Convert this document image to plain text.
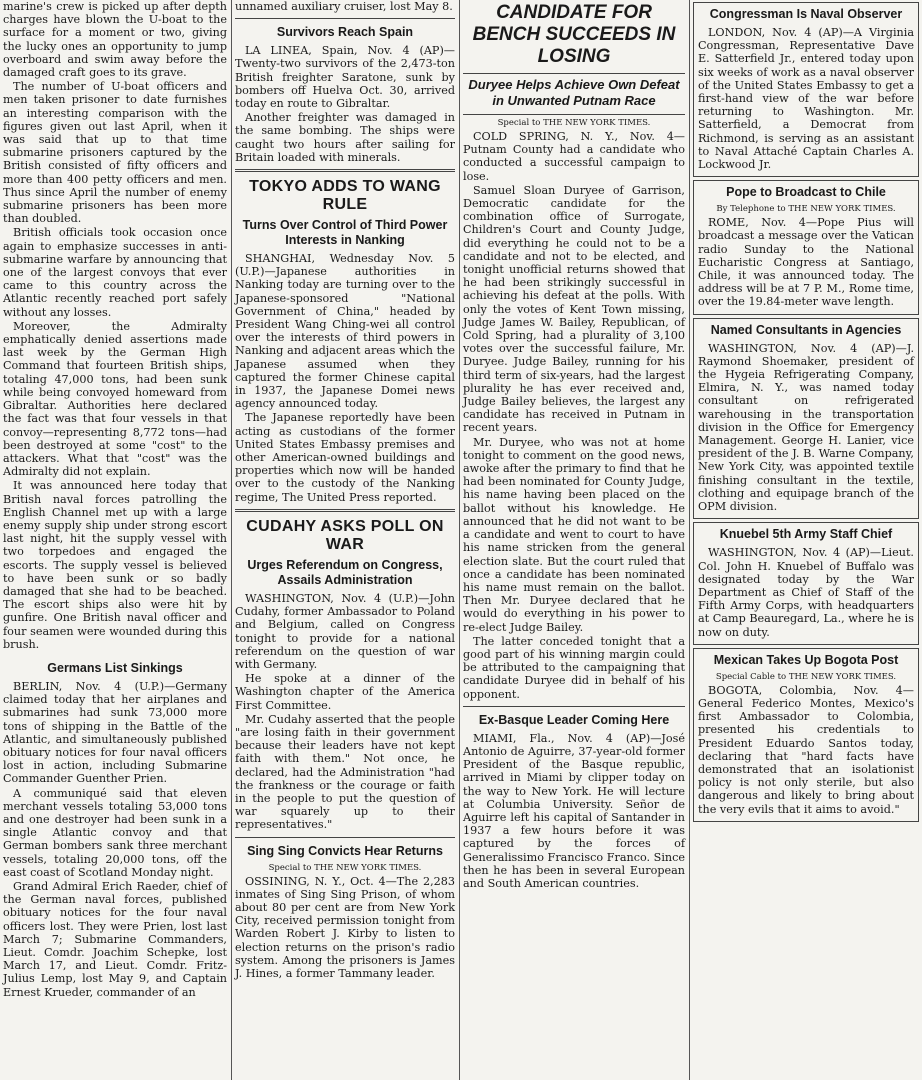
marine's crew is picked up after depth charges have blown the U-boat to the surface for a moment or two, giving the lucky ones an opportunity to jump overboard and swim away before the damaged craft goes to its grave.

The number of U-boat officers and men taken prisoner to date furnishes an interesting comparison with the figures given out last April, when it was said that up to that time submarine prisoners captured by the British consisted of fifty officers and more than 400 petty officers and men. Thus since April the number of enemy submarine prisoners has been more than doubled.

British officials took occasion once again to emphasize successes in anti-submarine warfare by announcing that one of the largest convoys that ever came to this country across the Atlantic recently reached port safely without any losses.

Moreover, the Admiralty emphatically denied assertions made last week by the German High Command that fourteen British ships, totaling 47,000 tons, had been sunk while being convoyed homeward from Gibraltar. Authorities here declared the fact was that four vessels in that convoy—representing 8,772 tons—had been destroyed at some "cost" to the attackers. What that "cost" was the Admiralty did not explain.

It was announced here today that British naval forces patrolling the English Channel met up with a large enemy supply ship under strong escort last night, hit the supply vessel with two torpedoes and engaged the escorts. The supply vessel is believed to have been sunk or so badly damaged that she had to be beached. The escort ships also were hit by gunfire. One British naval officer and four seamen were wounded during this brush.

Germans List Sinkings

BERLIN, Nov. 4 (U.P.)—Germany claimed today that her airplanes and submarines had sunk 73,000 more tons of shipping in the Battle of the Atlantic, and simultaneously published obituary notices for four naval officers lost in action, including Submarine Commander Guenther Prien.

A communiqué said that eleven merchant vessels totaling 53,000 tons and one destroyer had been sunk in a single Atlantic convoy and that German bombers sank three merchant vessels, totaling 20,000 tons, off the east coast of Scotland Monday night.

Grand Admiral Erich Raeder, chief of the German naval forces, published obituary notices for the four naval officers lost. They were Prien, lost last March 7; Submarine Commanders, Lieut. Comdr. Joachim Schepke, lost March 17, and Lieut. Comdr. Fritz-Julius Lemp, lost May 9, and Captain Ernest Krueder, commander of an

unnamed auxiliary cruiser, lost May 8.

Survivors Reach Spain

LA LINEA, Spain, Nov. 4 (AP)—Twenty-two survivors of the 2,473-ton British freighter Saratone, sunk by bombers off Huelva Oct. 30, arrived today en route to Gibraltar.

Another freighter was damaged in the same bombing. The ships were caught two hours after sailing for Britain loaded with minerals.

TOKYO ADDS TO WANG RULE
Turns Over Control of Third Power Interests in Nanking

SHANGHAI, Wednesday Nov. 5 (U.P.)—Japanese authorities in Nanking today are turning over to the Japanese-sponsored "National Government of China," headed by President Wang Ching-wei all control over the interests of third powers in Nanking and adjacent areas which the Japanese assumed when they captured the former Chinese capital in 1937, the Japanese Domei news agency announced today.

The Japanese reportedly have been acting as custodians of the former United States Embassy premises and other American-owned buildings and properties which now will be handed over to the custody of the Nanking regime, The United Press reported.

CUDAHY ASKS POLL ON WAR
Urges Referendum on Congress, Assails Administration

WASHINGTON, Nov. 4 (U.P.)—John Cudahy, former Ambassador to Poland and Belgium, called on Congress tonight to provide for a national referendum on the question of war with Germany.

He spoke at a dinner of the Washington chapter of the America First Committee.

Mr. Cudahy asserted that the people "are losing faith in their government because their leaders have not kept faith with them." Not once, he declared, had the Administration "had the frankness or the courage or faith in the people to put the question of war squarely up to their representatives."

Sing Sing Convicts Hear Returns
Special to THE NEW YORK TIMES.

OSSINING, N. Y., Oct. 4—The 2,283 inmates of Sing Sing Prison, of whom about 80 per cent are from New York City, received permission tonight from Warden Robert J. Kirby to listen to election returns on the prison's radio system. Among the prisoners is James J. Hines, a former Tammany leader.

CANDIDATE FOR BENCH SUCCEEDS IN LOSING
Duryee Helps Achieve Own Defeat in Unwanted Putnam Race
Special to THE NEW YORK TIMES.

COLD SPRING, N. Y., Nov. 4—Putnam County had a candidate who conducted a successful campaign to lose.

Samuel Sloan Duryee of Garrison, Democratic candidate for the combination office of Surrogate, Children's Court and County Judge, did everything he could not to be a candidate and not to be elected, and tonight unofficial returns showed that he had been strikingly successful in achieving his defeat at the polls. With only the votes of Kent Town missing, Judge James W. Bailey, Republican, of Cold Spring, had a plurality of 3,100 votes over the successful failure, Mr. Duryee. Judge Bailey, running for his third term of six-years, had the largest plurality he has ever received and, Judge Bailey believes, the largest any candidate has received in Putnam in recent years.

Mr. Duryee, who was not at home tonight to comment on the good news, awoke after the primary to find that he had been nominated for County Judge, his name having been placed on the ballot without his knowledge. He announced that he did not want to be a candidate and went to court to have his name stricken from the general election slate. But the court ruled that once a candidate has been nominated his name must remain on the ballot. Then Mr. Duryee declared that he would do everything in his power to re-elect Judge Bailey.

The latter conceded tonight that a good part of his winning margin could be attributed to the campaigning that candidate Duryee did in behalf of his opponent.

Ex-Basque Leader Coming Here

MIAMI, Fla., Nov. 4 (AP)—José Antonio de Aguirre, 37-year-old former President of the Basque republic, arrived in Miami by clipper today on the way to New York. He will lecture at Columbia University. Señor de Aguirre left his capital of Santander in 1937 a few hours before it was captured by the forces of Generalissimo Francisco Franco. Since then he has been in several European and South American countries.

Congressman Is Naval Observer

LONDON, Nov. 4 (AP)—A Virginia Congressman, Representative Dave E. Satterfield Jr., entered today upon six weeks of work as a naval observer of the United States Embassy to get a first-hand view of the war before returning to Washington. Mr. Satterfield, a Democrat from Richmond, is serving as an assistant to Naval Attaché Captain Charles A. Lockwood Jr.

Pope to Broadcast to Chile
By Telephone to THE NEW YORK TIMES.

ROME, Nov. 4—Pope Pius will broadcast a message over the Vatican radio Sunday to the National Eucharistic Congress at Santiago, Chile, it was announced today. The address will be at 7 P. M., Rome time, over the 19.84-meter wave length.

Named Consultants in Agencies

WASHINGTON, Nov. 4 (AP)—J. Raymond Shoemaker, president of the Hygeia Refrigerating Company, Elmira, N. Y., was named today consultant on refrigerated warehousing in the transportation division in the Office for Emergency Management. George H. Lanier, vice president of the J. B. Warne Company, New York City, was appointed textile finishing consultant in the textile, clothing and equipage branch of the OPM division.

Knuebel 5th Army Staff Chief

WASHINGTON, Nov. 4 (AP)—Lieut. Col. John H. Knuebel of Buffalo was designated today by the War Department as Chief of Staff of the Fifth Army Corps, with headquarters at Camp Beauregard, La., where he is now on duty.

Mexican Takes Up Bogota Post
Special Cable to THE NEW YORK TIMES.

BOGOTA, Colombia, Nov. 4—General Federico Montes, Mexico's first Ambassador to Colombia, presented his credentials to President Eduardo Santos today, declaring that "hard facts have demonstrated that an isolationist policy is not only sterile, but also dangerous and likely to bring about the very evils that it aims to avoid."
